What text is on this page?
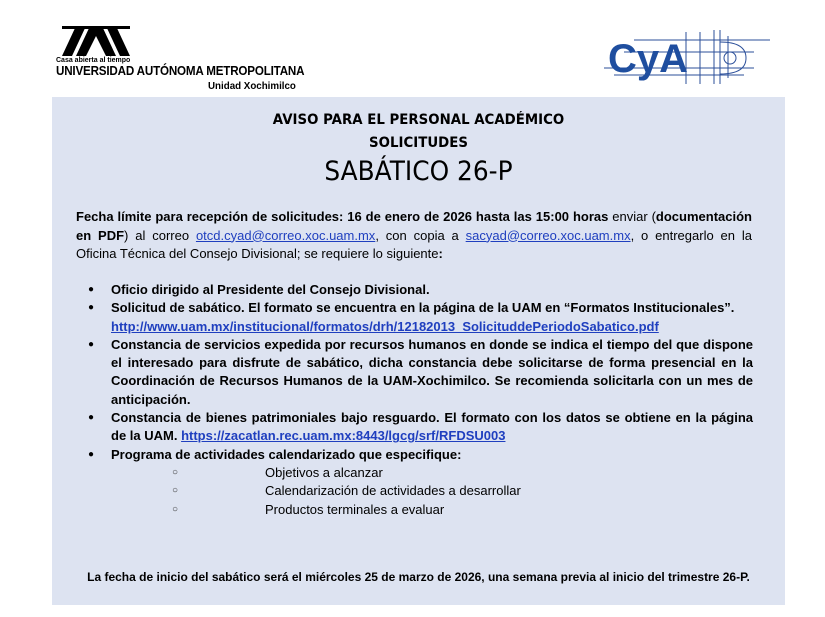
Casa abierta al tiempo
UNIVERSIDAD AUTÓNOMA METROPOLITANA
Unidad Xochimilco
CyA
AVISO PARA EL PERSONAL ACADÉMICO
SOLICITUDES
SABÁTICO 26-P

Fecha límite para recepción de solicitudes: 16 de enero de 2026 hasta las 15:00 horas enviar (documentación en PDF) al correo otcd.cyad@correo.xoc.uam.mx, con copia a sacyad@correo.xoc.uam.mx, o entregarlo en la Oficina Técnica del Consejo Divisional; se requiere lo siguiente:

● Oficio dirigido al Presidente del Consejo Divisional.
● Solicitud de sabático. El formato se encuentra en la página de la UAM en “Formatos Institucionales”.
http://www.uam.mx/institucional/formatos/drh/12182013_SolicituddePeriodoSabatico.pdf
● Constancia de servicios expedida por recursos humanos en donde se indica el tiempo del que dispone el interesado para disfrute de sabático, dicha constancia debe solicitarse de forma presencial en la Coordinación de Recursos Humanos de la UAM-Xochimilco. Se recomienda solicitarla con un mes de anticipación.
● Constancia de bienes patrimoniales bajo resguardo. El formato con los datos se obtiene en la página de la UAM. https://zacatlan.rec.uam.mx:8443/lgcg/srf/RFDSU003
● Programa de actividades calendarizado que especifique:
○	Objetivos a alcanzar
○	Calendarización de actividades a desarrollar
○	Productos terminales a evaluar
La fecha de inicio del sabático será el miércoles 25 de marzo de 2026, una semana previa al inicio del trimestre 26-P.
